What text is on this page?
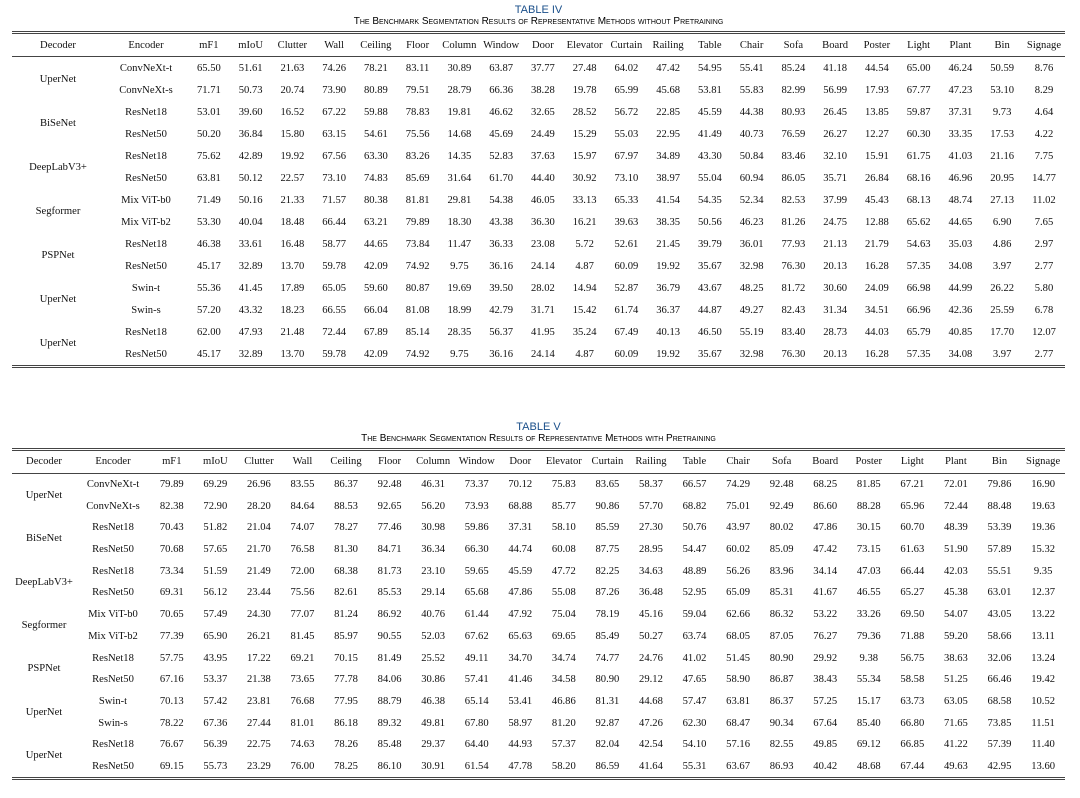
TABLE IV
The Benchmark Segmentation Results of Representative Methods without Pretraining
Decoder	Encoder	mF1	mIoU	Clutter	Wall	Ceiling	Floor	Column	Window	Door	Elevator	Curtain	Railing	Table	Chair	Sofa	Board	Poster	Light	Plant	Bin	Signage
UperNet	ConvNeXt-t	65.50	51.61	21.63	74.26	78.21	83.11	30.89	63.87	37.77	27.48	64.02	47.42	54.95	55.41	85.24	41.18	44.54	65.00	46.24	50.59	8.76
	ConvNeXt-s	71.71	50.73	20.74	73.90	80.89	79.51	28.79	66.36	38.28	19.78	65.99	45.68	53.81	55.83	82.99	56.99	17.93	67.77	47.23	53.10	8.29
BiSeNet	ResNet18	53.01	39.60	16.52	67.22	59.88	78.83	19.81	46.62	32.65	28.52	56.72	22.85	45.59	44.38	80.93	26.45	13.85	59.87	37.31	9.73	4.64
	ResNet50	50.20	36.84	15.80	63.15	54.61	75.56	14.68	45.69	24.49	15.29	55.03	22.95	41.49	40.73	76.59	26.27	12.27	60.30	33.35	17.53	4.22
DeepLabV3+	ResNet18	75.62	42.89	19.92	67.56	63.30	83.26	14.35	52.83	37.63	15.97	67.97	34.89	43.30	50.84	83.46	32.10	15.91	61.75	41.03	21.16	7.75
	ResNet50	63.81	50.12	22.57	73.10	74.83	85.69	31.64	61.70	44.40	30.92	73.10	38.97	55.04	60.94	86.05	35.71	26.84	68.16	46.96	20.95	14.77
Segformer	Mix ViT-b0	71.49	50.16	21.33	71.57	80.38	81.81	29.81	54.38	46.05	33.13	65.33	41.54	54.35	52.34	82.53	37.99	45.43	68.13	48.74	27.13	11.02
	Mix ViT-b2	53.30	40.04	18.48	66.44	63.21	79.89	18.30	43.38	36.30	16.21	39.63	38.35	50.56	46.23	81.26	24.75	12.88	65.62	44.65	6.90	7.65
PSPNet	ResNet18	46.38	33.61	16.48	58.77	44.65	73.84	11.47	36.33	23.08	5.72	52.61	21.45	39.79	36.01	77.93	21.13	21.79	54.63	35.03	4.86	2.97
	ResNet50	45.17	32.89	13.70	59.78	42.09	74.92	9.75	36.16	24.14	4.87	60.09	19.92	35.67	32.98	76.30	20.13	16.28	57.35	34.08	3.97	2.77
UperNet	Swin-t	55.36	41.45	17.89	65.05	59.60	80.87	19.69	39.50	28.02	14.94	52.87	36.79	43.67	48.25	81.72	30.60	24.09	66.98	44.99	26.22	5.80
	Swin-s	57.20	43.32	18.23	66.55	66.04	81.08	18.99	42.79	31.71	15.42	61.74	36.37	44.87	49.27	82.43	31.34	34.51	66.96	42.36	25.59	6.78
UperNet	ResNet18	62.00	47.93	21.48	72.44	67.89	85.14	28.35	56.37	41.95	35.24	67.49	40.13	46.50	55.19	83.40	28.73	44.03	65.79	40.85	17.70	12.07
	ResNet50	45.17	32.89	13.70	59.78	42.09	74.92	9.75	36.16	24.14	4.87	60.09	19.92	35.67	32.98	76.30	20.13	16.28	57.35	34.08	3.97	2.77
TABLE V
The Benchmark Segmentation Results of Representative Methods with Pretraining
Decoder	Encoder	mF1	mIoU	Clutter	Wall	Ceiling	Floor	Column	Window	Door	Elevator	Curtain	Railing	Table	Chair	Sofa	Board	Poster	Light	Plant	Bin	Signage
UperNet	ConvNeXt-t	79.89	69.29	26.96	83.55	86.37	92.48	46.31	73.37	70.12	75.83	83.65	58.37	66.57	74.29	92.48	68.25	81.85	67.21	72.01	79.86	16.90
	ConvNeXt-s	82.38	72.90	28.20	84.64	88.53	92.65	56.20	73.93	68.88	85.77	90.86	57.70	68.82	75.01	92.49	86.60	88.28	65.96	72.44	88.48	19.63
BiSeNet	ResNet18	70.43	51.82	21.04	74.07	78.27	77.46	30.98	59.86	37.31	58.10	85.59	27.30	50.76	43.97	80.02	47.86	30.15	60.70	48.39	53.39	19.36
	ResNet50	70.68	57.65	21.70	76.58	81.30	84.71	36.34	66.30	44.74	60.08	87.75	28.95	54.47	60.02	85.09	47.42	73.15	61.63	51.90	57.89	15.32
DeepLabV3+	ResNet18	73.34	51.59	21.49	72.00	68.38	81.73	23.10	59.65	45.59	47.72	82.25	34.63	48.89	56.26	83.96	34.14	47.03	66.44	42.03	55.51	9.35
	ResNet50	69.31	56.12	23.44	75.56	82.61	85.53	29.14	65.68	47.86	55.08	87.26	36.48	52.95	65.09	85.31	41.67	46.55	65.27	45.38	63.01	12.37
Segformer	Mix ViT-b0	70.65	57.49	24.30	77.07	81.24	86.92	40.76	61.44	47.92	75.04	78.19	45.16	59.04	62.66	86.32	53.22	33.26	69.50	54.07	43.05	13.22
	Mix ViT-b2	77.39	65.90	26.21	81.45	85.97	90.55	52.03	67.62	65.63	69.65	85.49	50.27	63.74	68.05	87.05	76.27	79.36	71.88	59.20	58.66	13.11
PSPNet	ResNet18	57.75	43.95	17.22	69.21	70.15	81.49	25.52	49.11	34.70	34.74	74.77	24.76	41.02	51.45	80.90	29.92	9.38	56.75	38.63	32.06	13.24
	ResNet50	67.16	53.37	21.38	73.65	77.78	84.06	30.86	57.41	41.46	34.58	80.90	29.12	47.65	58.90	86.87	38.43	55.34	58.58	51.25	66.46	19.42
UperNet	Swin-t	70.13	57.42	23.81	76.68	77.95	88.79	46.38	65.14	53.41	46.86	81.31	44.68	57.47	63.81	86.37	57.25	15.17	63.73	63.05	68.58	10.52
	Swin-s	78.22	67.36	27.44	81.01	86.18	89.32	49.81	67.80	58.97	81.20	92.87	47.26	62.30	68.47	90.34	67.64	85.40	66.80	71.65	73.85	11.51
UperNet	ResNet18	76.67	56.39	22.75	74.63	78.26	85.48	29.37	64.40	44.93	57.37	82.04	42.54	54.10	57.16	82.55	49.85	69.12	66.85	41.22	57.39	11.40
	ResNet50	69.15	55.73	23.29	76.00	78.25	86.10	30.91	61.54	47.78	58.20	86.59	41.64	55.31	63.67	86.93	40.42	48.68	67.44	49.63	42.95	13.60
